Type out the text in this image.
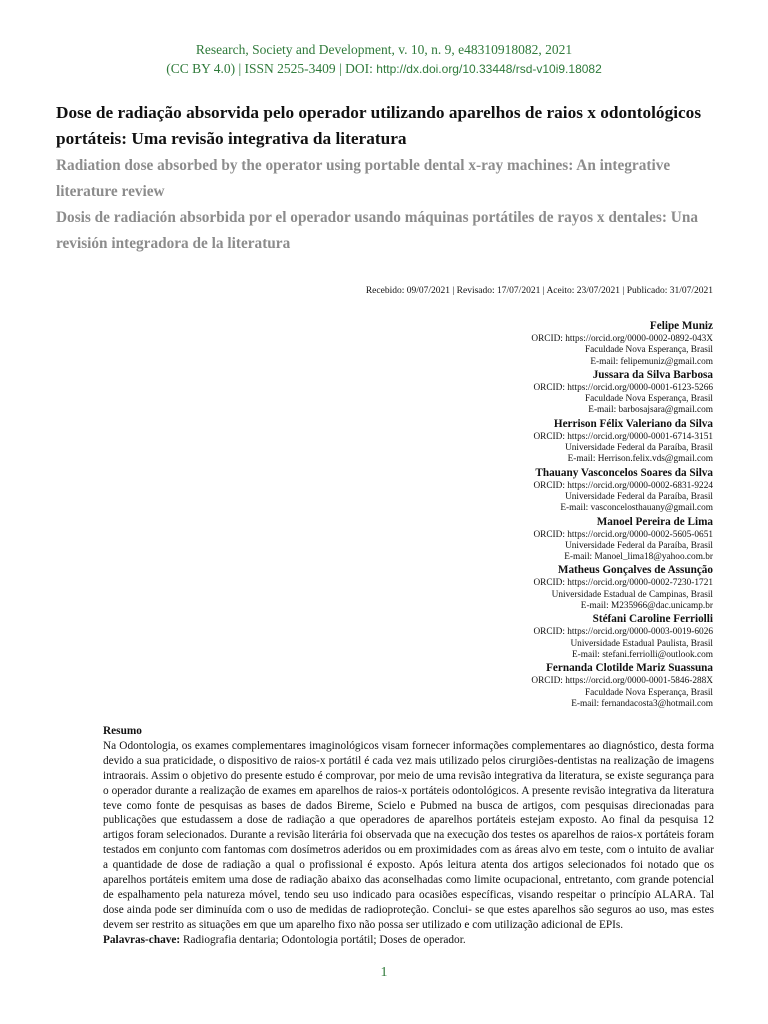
Research, Society and Development, v. 10, n. 9, e48310918082, 2021
(CC BY 4.0) | ISSN 2525-3409 | DOI: http://dx.doi.org/10.33448/rsd-v10i9.18082

Dose de radiação absorvida pelo operador utilizando aparelhos de raios x odontológicos portáteis: Uma revisão integrativa da literatura

Radiation dose absorbed by the operator using portable dental x-ray machines: An integrative literature review

Dosis de radiación absorbida por el operador usando máquinas portátiles de rayos x dentales: Una revisión integradora de la literatura

Recebido: 09/07/2021 | Revisado: 17/07/2021 | Aceito: 23/07/2021 | Publicado: 31/07/2021
Felipe Muniz
ORCID: https://orcid.org/0000-0002-0892-043X
Faculdade Nova Esperança, Brasil
E-mail: felipemuniz@gmail.com
Jussara da Silva Barbosa
ORCID: https://orcid.org/0000-0001-6123-5266
Faculdade Nova Esperança, Brasil
E-mail: barbosajsara@gmail.com
Herrison Félix Valeriano da Silva
ORCID: https://orcid.org/0000-0001-6714-3151
Universidade Federal da Paraíba, Brasil
E-mail: Herrison.felix.vds@gmail.com
Thauany Vasconcelos Soares da Silva
ORCID: https://orcid.org/0000-0002-6831-9224
Universidade Federal da Paraíba, Brasil
E-mail: vasconcelosthauany@gmail.com
Manoel Pereira de Lima
ORCID: https://orcid.org/0000-0002-5605-0651
Universidade Federal da Paraíba, Brasil
E-mail: Manoel_lima18@yahoo.com.br
Matheus Gonçalves de Assunção
ORCID: https://orcid.org/0000-0002-7230-1721
Universidade Estadual de Campinas, Brasil
E-mail: M235966@dac.unicamp.br
Stéfani Caroline Ferriolli
ORCID: https://orcid.org/0000-0003-0019-6026
Universidade Estadual Paulista, Brasil
E-mail: stefani.ferriolli@outlook.com
Fernanda Clotilde Mariz Suassuna
ORCID: https://orcid.org/0000-0001-5846-288X
Faculdade Nova Esperança, Brasil
E-mail: fernandacosta3@hotmail.com

Resumo

Na Odontologia, os exames complementares imaginológicos visam fornecer informações complementares ao diagnóstico, desta forma devido a sua praticidade, o dispositivo de raios-x portátil é cada vez mais utilizado pelos cirurgiões-dentistas na realização de imagens intraorais. Assim o objetivo do presente estudo é comprovar, por meio de uma revisão integrativa da literatura, se existe segurança para o operador durante a realização de exames em aparelhos de raios-x portáteis odontológicos. A presente revisão integrativa da literatura teve como fonte de pesquisas as bases de dados Bireme, Scielo e Pubmed na busca de artigos, com pesquisas direcionadas para publicações que estudassem a dose de radiação a que operadores de aparelhos portáteis estejam exposto. Ao final da pesquisa 12 artigos foram selecionados. Durante a revisão literária foi observada que na execução dos testes os aparelhos de raios-x portáteis foram testados em conjunto com fantomas com dosímetros aderidos ou em proximidades com as áreas alvo em teste, com o intuito de avaliar a quantidade de dose de radiação a qual o profissional é exposto. Após leitura atenta dos artigos selecionados foi notado que os aparelhos portáteis emitem uma dose de radiação abaixo das aconselhadas como limite ocupacional, entretanto, com grande potencial de espalhamento pela natureza móvel, tendo seu uso indicado para ocasiões específicas, visando respeitar o princípio ALARA. Tal dose ainda pode ser diminuída com o uso de medidas de radioproteção. Conclui- se que estes aparelhos são seguros ao uso, mas estes devem ser restrito as situações em que um aparelho fixo não possa ser utilizado e com utilização adicional de EPIs.

Palavras-chave: Radiografia dentaria; Odontologia portátil; Doses de operador.

1
